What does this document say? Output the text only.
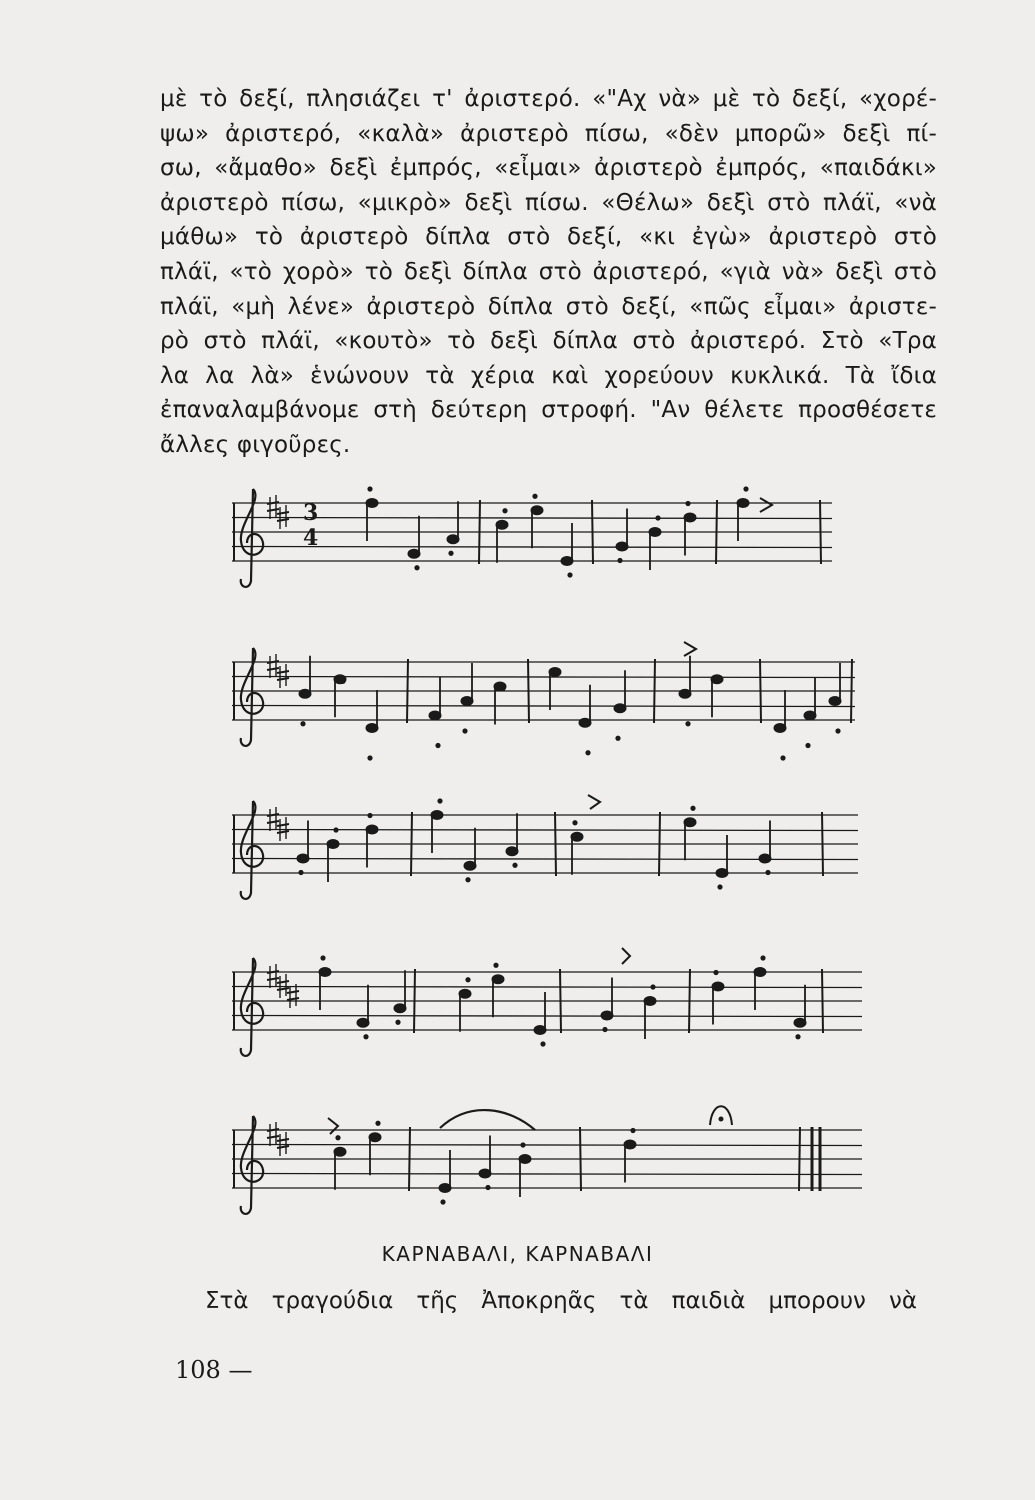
μὲ τὸ δεξί, πλησιάζει τ' ἀριστερό. «"Αχ νὰ» μὲ τὸ δεξί, «χορέ-
ψω» ἀριστερό, «καλὰ» ἀριστερὸ πίσω, «δὲν μπορῶ» δεξὶ πί-
σω, «ἄμαθο» δεξὶ ἐμπρός, «εἶμαι» ἀριστερὸ ἐμπρός, «παιδάκι»
ἀριστερὸ πίσω, «μικρὸ» δεξὶ πίσω. «Θέλω» δεξὶ στὸ πλάϊ, «νὰ
μάθω» τὸ ἀριστερὸ δίπλα στὸ δεξί, «κι ἐγὼ» ἀριστερὸ στὸ
πλάϊ, «τὸ χορὸ» τὸ δεξὶ δίπλα στὸ ἀριστερό, «γιὰ νὰ» δεξὶ στὸ
πλάϊ, «μὴ λένε» ἀριστερὸ δίπλα στὸ δεξί, «πῶς εἶμαι» ἀριστε-
ρὸ στὸ πλάϊ, «κουτὸ» τὸ δεξὶ δίπλα στὸ ἀριστερό. Στὸ «Τρα
λα λα λὰ» ἑνώνουν τὰ χέρια καὶ χορεύουν κυκλικά. Τὰ ἴδια
ἐπαναλαμβάνομε στὴ δεύτερη στροφή. "Αν θέλετε προσθέσετε
ἄλλες φιγοῦρες.
3
4

ΚΑΡΝΑΒΑΛΙ, ΚΑΡΝΑΒΑΛΙ

Στὰ τραγούδια τῆς Ἀποκρηᾶς τὰ παιδιὰ μπορουν νὰ

108 —
